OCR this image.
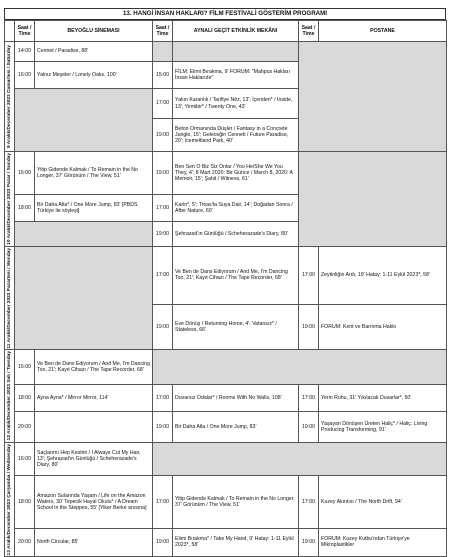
13. HANGİ İNSAN HAKLARI? FİLM FESTİVALİ GÖSTERİM PROGRAMI
	Saat / Time	BEYOĞLU SİNEMASI	Saat / Time	AYNALI GEÇİT ETKİNLİK MEKÂNI	Saat / Time	POSTANE

9 Aralık/December 2023 Cumartesi / Saturday	14:00	Cennet / Paradise, 88'				
	16:00	Yalnız Meşeler / Lonely Oaks, 100'	15:00	FİLM: Elimi Bırakma, 9' FORUM: "Mahpus Hakları İnsan Haklarıdır"		
			17:00	Yakın Karanlık / Tarifiye Nêz, 13'; İçeriden* / Inside, 13'; Yirmibir* / Twenty One, 43'		
			19:00	Beton Ormanında Düşler / Fantasy in a Concrete Jungle, 15'; Geleceğin Cenneti / Future Paradise, 20'; Icemeltland Park, 40'		

10 Aralık/December 2023 Pazar / Sunday	16:00	Yitip Gidende Kalmak / To Remain in the No Longer, 37' Görünüm / The View, 51'	19:00	Ben Sen O Biz Siz Onlar / You He/She We You They, 4'; 8 Mart 2020: Bir Günce / March 8, 2020: A Memoir, 15'; Şahit / Witness, 61'		
	18:00	Bir Daha Atla* / One More Jump, 83' [PBDS Türkiye ile söyleşi]	17:00	Karin*, 5'; Troas'ta Suya Dair, 14'; Doğadan Sonra / After Nature, 60'		
			19:00	Şehrazad'ın Günlüğü / Scheherazade's Diary, 80'		

11 Aralık/December 2023 Pazartesi / Monday			17:00	Ve Ben de Dans Ediyorum / And Me, I'm Dancing Too, 21'; Kayıt Cihazı / The Tape Recorder, 68'	17:00	Zeytinliğin Ardı, 19' Hatay: 1-11 Eylül 2023*, 58'
			19:00	Eve Dönüş / Returning Home, 4'; Vatansız* / Stateless, 66'	19:00	FORUM: Kent ve Barınma Hakkı

12 Aralık/December 2023 Salı / Tuesday	16:00	Ve Ben de Dans Ediyorum / And Me, I'm Dancing Too, 21'; Kayıt Cihazı / The Tape Recorder, 68'				
	18:00	Ayna Ayna* / Mirror Mirror, 114'	17:00	Duvarsız Odalar* / Rooms With No Walls, 108'	17:00	Yerin Ruhu, 31' Yıkılacak Duvarlar*, 50'
	20:00		19:00	Bir Daha Atla / One More Jump, 83'	19:00	Yaşayan Dönüşen Üreten Haliç* / Haliç: Living Producing Transforming, 91'

13 Aralık/December 2023 Çarşamba / Wednesday	16:00	Saçlarımı Hep Kestim / I Always Cut My Hair, 13'; Şehrazad'ın Günlüğü / Scheherazade's Diary, 80'				
	18:00	Amazon Sularında Yaşam / Life on the Amazon Waters, 30' Tepecik Hayal Okulu* / A Dream School in the Steppes, 55' [Yiker Berke anısına]	17:00	Yitip Gidende Kalmak / To Remain in the No Longer, 37' Görünüm / The View, 51'	17:00	Kuzey Akıntısı / The North Drift, 94'
	20:00	North Circular, 85'	19:00	Elimi Bırakma* / Take My Hand, 9' Hatay: 1-11 Eylül 2023*, 58'	19:00	FORUM: Kuzey Kutbu'ndan Türkiye'ye Mikroplastikler
